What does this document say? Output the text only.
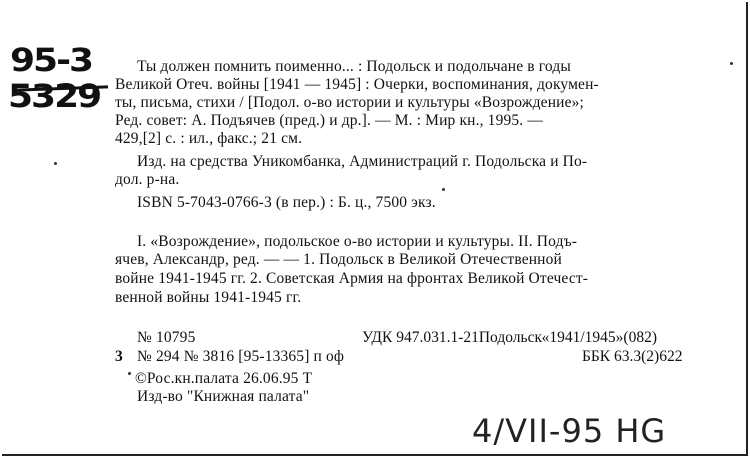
95-3
5329
Ты должен помнить поименно... : Подольск и подольчане в годы
Великой Отеч. войны [1941 — 1945] : Очерки, воспоминания, докумен-
ты, письма, стихи / [Подол. о-во истории и культуры «Возрождение»;
Ред. совет: А. Подъячев (пред.) и др.]. — М. : Мир кн., 1995. —
429,[2] с. : ил., факс.; 21 см.
Изд. на средства Уникомбанка, Администраций г. Подольска и По-
дол. р-на.
ISBN 5-7043-0766-3 (в пер.) : Б. ц., 7500 экз.
I. «Возрождение», подольское о-во истории и культуры. II. Подъ-
ячев, Александр, ред. — — 1. Подольск в Великой Отечественной
войне 1941-1945 гг. 2. Советская Армия на фронтах Великой Отечест-
венной войны 1941-1945 гг.
№ 10795	УДК 947.031.1-21Подольск«1941/1945»(082)
3 № 294 № 3816 [95-13365] п оф	ББК 63.3(2)622
©Рос.кн.палата 26.06.95 Т
Изд-во "Книжная палата"
4/VII-95 HG
